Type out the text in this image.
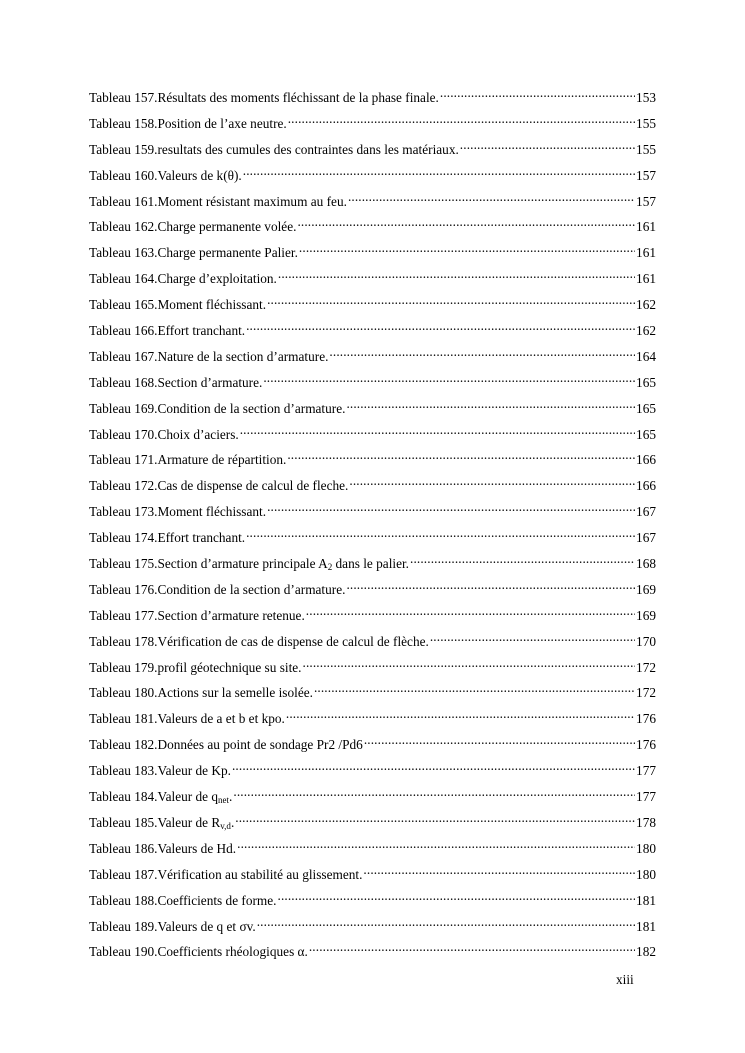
Tableau 157.Résultats des moments fléchissant de la phase finale. . . .	153
Tableau 158.Position de l’axe neutre. . . .	155
Tableau 159.resultats des cumules des contraintes dans les matériaux. . . .	155
Tableau 160.Valeurs de k(θ). . . .	157
Tableau 161.Moment résistant maximum au feu. . . .	157
Tableau 162.Charge permanente volée. . . .	161
Tableau 163.Charge permanente Palier. . . .	161
Tableau 164.Charge d’exploitation. . . .	161
Tableau 165.Moment fléchissant. . . .	162
Tableau 166.Effort tranchant. . . .	162
Tableau 167.Nature de la section d’armature. . . .	164
Tableau 168.Section d’armature. . . .	165
Tableau 169.Condition de la section d’armature. . . .	165
Tableau 170.Choix d’aciers. . . .	165
Tableau 171.Armature de répartition. . . .	166
Tableau 172.Cas de dispense de calcul de fleche. . . .	166
Tableau 173.Moment fléchissant. . . .	167
Tableau 174.Effort tranchant. . . .	167
Tableau 175.Section d’armature principale $A_2$ dans le palier. . . .	168
Tableau 176.Condition de la section d’armature. . . .	169
Tableau 177.Section d’armature retenue. . . .	169
Tableau 178.Vérification de cas de dispense de calcul de flèche. . . .	170
Tableau 179.profil géotechnique su site. . . .	172
Tableau 180.Actions sur la semelle isolée. . . .	172
Tableau 181.Valeurs de a et b et kpo. . . .	176
Tableau 182.Données au point de sondage Pr2 /Pd6 . . .	176
Tableau 183.Valeur de Kp. . . .	177
Tableau 184.Valeur de $q_{net}$. . . .	177
Tableau 185.Valeur de $R_{v,d}$. . . .	178
Tableau 186.Valeurs de Hd. . . .	180
Tableau 187.Vérification au stabilité au glissement. . . .	180
Tableau 188.Coefficients de forme. . . .	181
Tableau 189.Valeurs de q et σv. . . .	181
Tableau 190.Coefficients rhéologiques α. . . .	182
xiii
